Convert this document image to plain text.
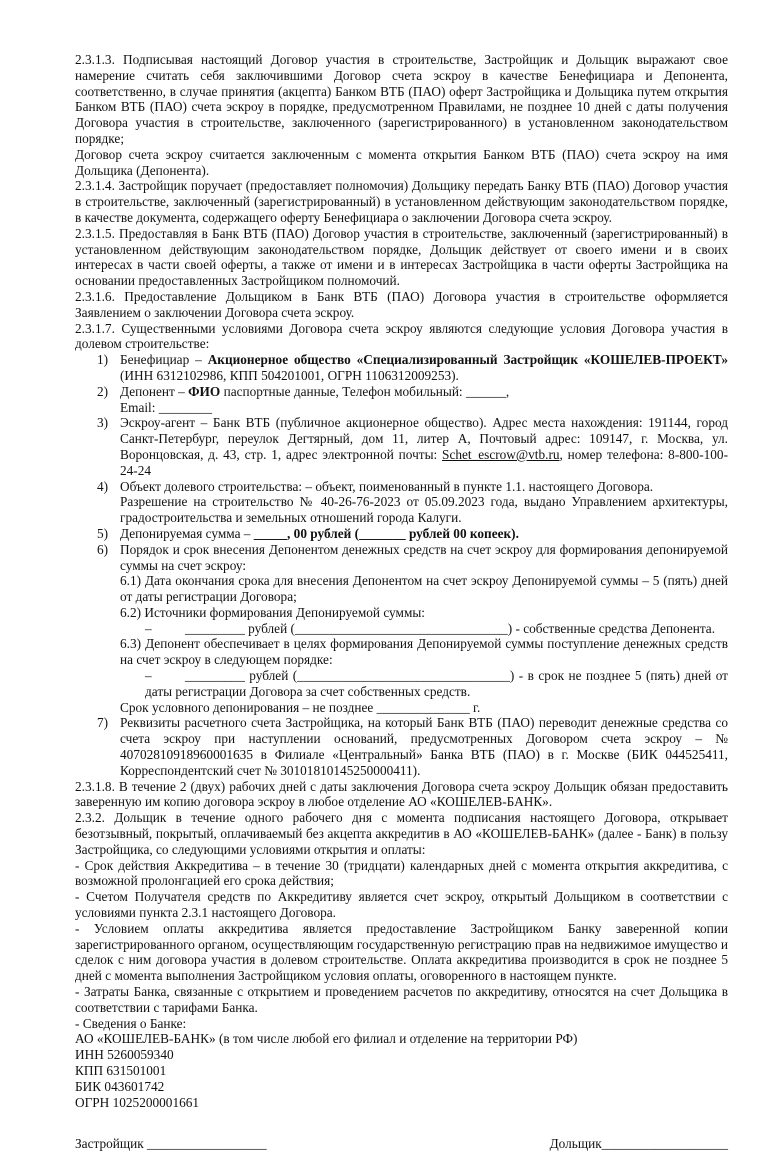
2.3.1.3. Подписывая настоящий Договор участия в строительстве, Застройщик и Дольщик выражают свое намерение считать себя заключившими Договор счета эскроу в качестве Бенефициара и Депонента, соответственно, в случае принятия (акцепта) Банком ВТБ (ПАО) оферт Застройщика и Дольщика путем открытия Банком ВТБ (ПАО) счета эскроу в порядке, предусмотренном Правилами, не позднее 10 дней с даты получения Договора участия в строительстве, заключенного (зарегистрированного) в установленном законодательством порядке;

Договор счета эскроу считается заключенным с момента открытия Банком ВТБ (ПАО) счета эскроу на имя Дольщика (Депонента).

2.3.1.4. Застройщик поручает (предоставляет полномочия) Дольщику передать Банку ВТБ (ПАО) Договор участия в строительстве, заключенный (зарегистрированный) в установленном действующим законодательством порядке, в качестве документа, содержащего оферту Бенефициара о заключении Договора счета эскроу.

2.3.1.5. Предоставляя в Банк ВТБ (ПАО) Договор участия в строительстве, заключенный (зарегистрированный) в установленном действующим законодательством порядке, Дольщик действует от своего имени и в своих интересах в части своей оферты, а также от имени и в интересах Застройщика в части оферты Застройщика на основании предоставленных Застройщиком полномочий.

2.3.1.6. Предоставление Дольщиком в Банк ВТБ (ПАО) Договора участия в строительстве оформляется Заявлением о заключении Договора счета эскроу.

2.3.1.7. Существенными условиями Договора счета эскроу являются следующие условия Договора участия в долевом строительстве:

1) Бенефициар – Акционерное общество «Специализированный Застройщик «КОШЕЛЕВ-ПРОЕКТ» (ИНН 6312102986, КПП 504201001, ОГРН 1106312009253).
2) Депонент – ФИО паспортные данные, Телефон мобильный: ______,
Email: ________
3) Эскроу-агент – Банк ВТБ (публичное акционерное общество). Адрес места нахождения: 191144, город Санкт-Петербург, переулок Дегтярный, дом 11, литер А, Почтовый адрес: 109147, г. Москва, ул. Воронцовская, д. 43, стр. 1, адрес электронной почты: Schet_escrow@vtb.ru, номер телефона: 8-800-100-24-24
4) Объект долевого строительства: – объект, поименованный в пункте 1.1. настоящего Договора.
Разрешение на строительство № 40-26-76-2023 от 05.09.2023 года, выдано Управлением архитектуры, градостроительства и земельных отношений города Калуги.
5) Депонируемая сумма – _____, 00 рублей (_______ рублей 00 копеек).
6) Порядок и срок внесения Депонентом денежных средств на счет эскроу для формирования депонируемой суммы на счет эскроу:
6.1) Дата окончания срока для внесения Депонентом на счет эскроу Депонируемой суммы – 5 (пять) дней от даты регистрации Договора;
6.2) Источники формирования Депонируемой суммы:
–	_________ рублей (________________________________) - собственные средства Депонента.
6.3) Депонент обеспечивает в целях формирования Депонируемой суммы поступление денежных средств на счет эскроу в следующем порядке:
–	_________ рублей (________________________________) - в срок не позднее 5 (пять) дней от даты регистрации Договора за счет собственных средств.
Срок условного депонирования – не позднее ______________ г.
7) Реквизиты расчетного счета Застройщика, на который Банк ВТБ (ПАО) переводит денежные средства со счета эскроу при наступлении оснований, предусмотренных Договором счета эскроу – № 40702810918960001635 в Филиале «Центральный» Банка ВТБ (ПАО) в г. Москве (БИК 044525411, Корреспондентский счет № 30101810145250000411).

2.3.1.8. В течение 2 (двух) рабочих дней с даты заключения Договора счета эскроу Дольщик обязан предоставить заверенную им копию договора эскроу в любое отделение АО «КОШЕЛЕВ-БАНК».

2.3.2. Дольщик в течение одного рабочего дня с момента подписания настоящего Договора, открывает безотзывный, покрытый, оплачиваемый без акцепта аккредитив в АО «КОШЕЛЕВ-БАНК» (далее - Банк) в пользу Застройщика, со следующими условиями открытия и оплаты:

- Срок действия Аккредитива – в течение 30 (тридцати) календарных дней с момента открытия аккредитива, с возможной пролонгацией его срока действия;

- Счетом Получателя средств по Аккредитиву является счет эскроу, открытый Дольщиком в соответствии с условиями пункта 2.3.1 настоящего Договора.

- Условием оплаты аккредитива является предоставление Застройщиком Банку заверенной копии зарегистрированного органом, осуществляющим государственную регистрацию прав на недвижимое имущество и сделок с ним договора участия в долевом строительстве. Оплата аккредитива производится в срок не позднее 5 дней с момента выполнения Застройщиком условия оплаты, оговоренного в настоящем пункте.

- Затраты Банка, связанные с открытием и проведением расчетов по аккредитиву, относятся на счет Дольщика в соответствии с тарифами Банка.

- Сведения о Банке:

АО «КОШЕЛЕВ-БАНК» (в том числе любой его филиал и отделение на территории РФ)

ИНН 5260059340

КПП 631501001

БИК 043601742

ОГРН 1025200001661

Застройщик __________________	Дольщик___________________
